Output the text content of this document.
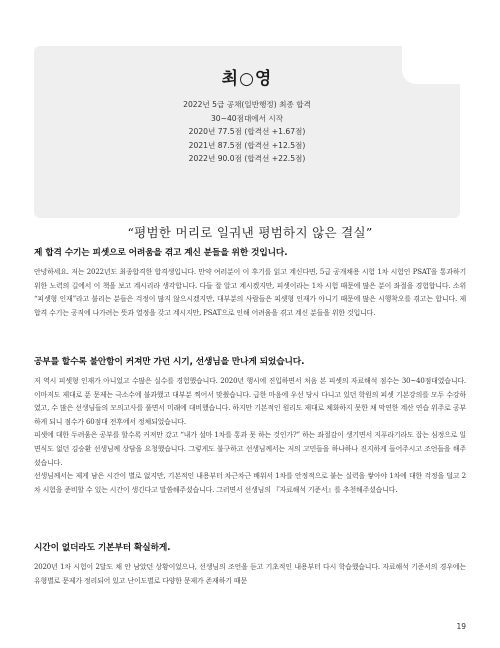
최○영
2022년 5급 공채(일반행정) 최종 합격
30~40점대에서 시작
2020년 77.5점 (합격선 +1.67점)
2021년 87.5점 (합격선 +12.5점)
2022년 90.0점 (합격선 +22.5점)
“평범한 머리로 일궈낸 평범하지 않은 결실”
제 합격 수기는 피셋으로 어려움을 겪고 계신 분들을 위한 것입니다.

안녕하세요. 저는 2022년도 최종합격한 합격생입니다. 만약 여러분이 이 후기를 읽고 계신다면, 5급 공개채용 시험 1차 시험인 PSAT을 통과하기 위한 노력의 길에서 이 책을 보고 계시리라 생각합니다. 다들 잘 알고 계시겠지만, 피셋이라는 1차 시험 때문에 많은 분이 좌절을 경험합니다. 소위 “피셋형 인재”라고 불리는 분들은 걱정이 많지 않으시겠지만, 대부분의 사람들은 피셋형 인재가 아니기 때문에 많은 시행착오를 겪고는 합니다. 제 합격 수기는 공직에 나가려는 뜻과 열정을 갖고 계시지만, PSAT으로 인해 어려움을 겪고 계신 분들을 위한 것입니다.

공부를 할수록 불안함이 커져만 가던 시기, 선생님을 만나게 되었습니다.

저 역시 피셋형 인재가 아니었고 수많은 실수를 경험했습니다. 2020년 행시에 진입하면서 처음 본 피셋의 자료해석 점수는 30~40점대였습니다. 이마저도 제대로 푼 문제는 극소수에 불과했고 대부분 찍어서 맞췄습니다. 급한 마음에 우선 당시 다니고 있던 학원의 피셋 기본강의를 모두 수강하였고, 수 많은 선생님들의 모의고사를 풀면서 미래에 대비했습니다. 하지만 기본적인 원리도 제대로 체화하지 못한 채 막연한 계산 연습 위주로 공부하게 되니 점수가 60점대 전후에서 정체되었습니다.
피셋에 대한 두려움은 공부를 할수록 커져만 갔고 “내가 설마 1차를 통과 못 하는 것인가?” 하는 좌절감이 생기면서 지푸라기라도 잡는 심정으로 일면식도 없던 김승환 선생님께 상담을 요청했습니다. 그렇게도 불구하고 선생님께서는 저의 고민들을 하나하나 진지하게 들어주시고 조언들을 해주셨습니다.
선생님께서는 제게 남은 시간이 별로 없지만, 기본적인 내용부터 차근차근 배워서 1차를 안정적으로 붙는 실력을 쌓아야 1차에 대한 걱정을 덜고 2차 시험을 준비할 수 있는 시간이 생긴다고 말씀해주셨습니다. 그러면서 선생님의 『자료해석 기준서』를 추천해주셨습니다.

시간이 없더라도 기본부터 확실하게.

2020년 1차 시험이 2달도 채 안 남았던 상황이었으나, 선생님의 조언을 듣고 기초적인 내용부터 다시 학습했습니다. 자료해석 기준서의 경우에는 유형별로 문제가 정리되어 있고 난이도별로 다양한 문제가 존재하기 때문

19
